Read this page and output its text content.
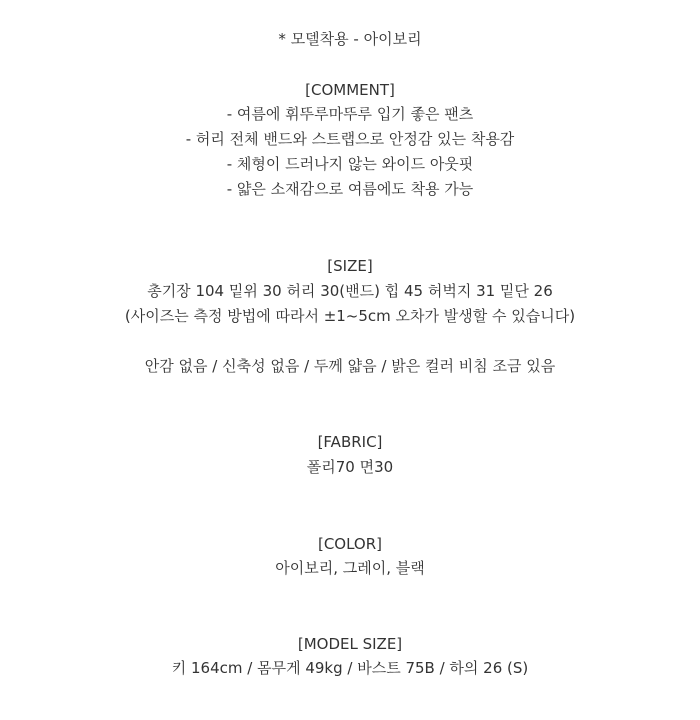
* 모델착용 - 아이보리
[COMMENT]
- 여름에 휘뚜루마뚜루 입기 좋은 팬츠
- 허리 전체 밴드와 스트랩으로 안정감 있는 착용감
- 체형이 드러나지 않는 와이드 아웃핏
- 얇은 소재감으로 여름에도 착용 가능
[SIZE]
총기장 104 밑위 30 허리 30(밴드) 힙 45 허벅지 31 밑단 26
(사이즈는 측정 방법에 따라서 ±1~5cm 오차가 발생할 수 있습니다)
안감 없음 / 신축성 없음 / 두께 얇음 / 밝은 컬러 비침 조금 있음
[FABRIC]
폴리70 면30
[COLOR]
아이보리, 그레이, 블랙
[MODEL SIZE]
키 164cm / 몸무게 49kg / 바스트 75B / 하의 26 (S)
